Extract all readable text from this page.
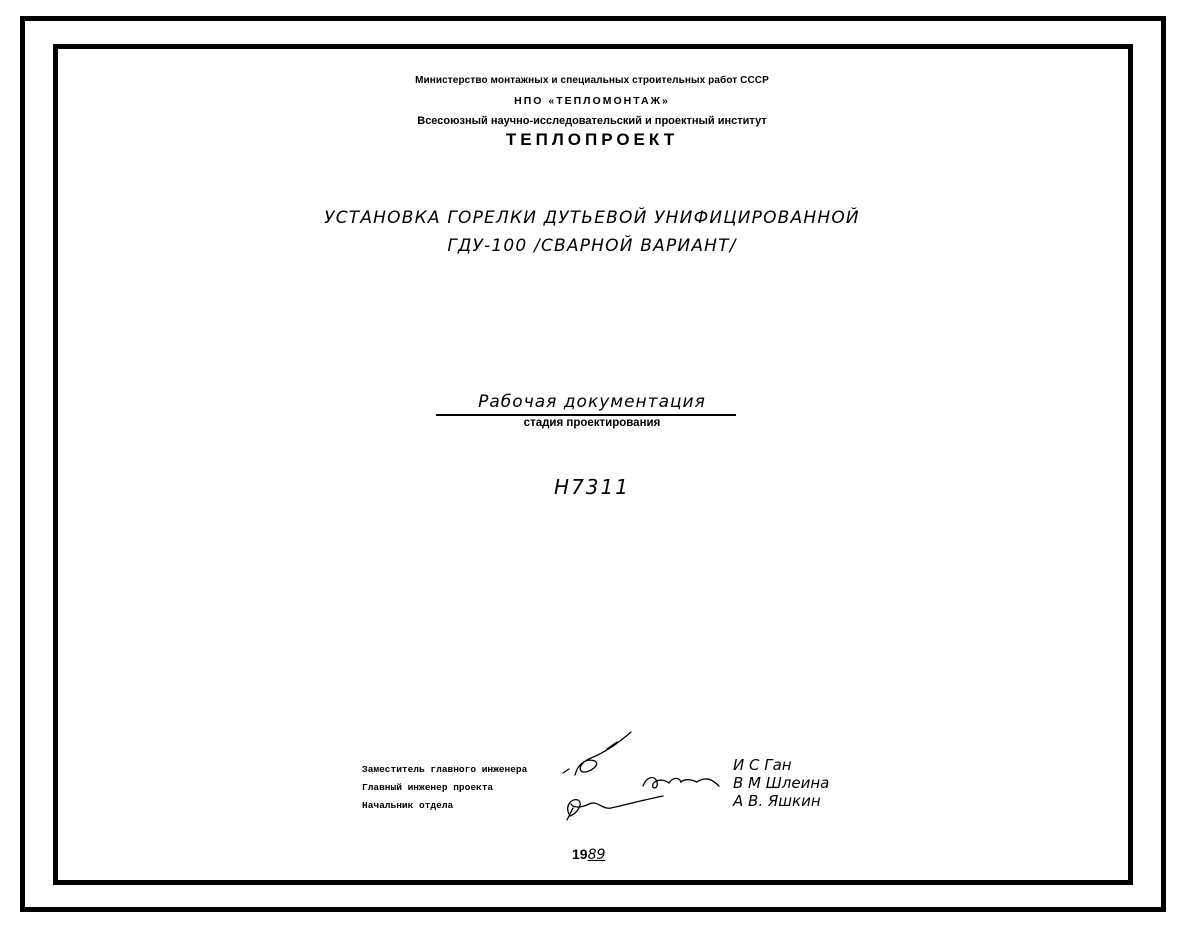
Министерство монтажных и специальных строительных работ СССР
НПО «ТЕПЛОМОНТАЖ»
Всесоюзный научно-исследовательский и проектный институт
ТЕПЛОПРОЕКТ
УСТАНОВКА ГОРЕЛКИ ДУТЬЕВОЙ УНИФИЦИРОВАННОЙ
ГДУ-100 /СВАРНОЙ ВАРИАНТ/
Рабочая документация
стадия проектирования
Н7311
Заместитель главного инженера
Главный инженер проекта
Начальник отдела
И С Ган
В М Шлеина
А В. Яшкин
1989
